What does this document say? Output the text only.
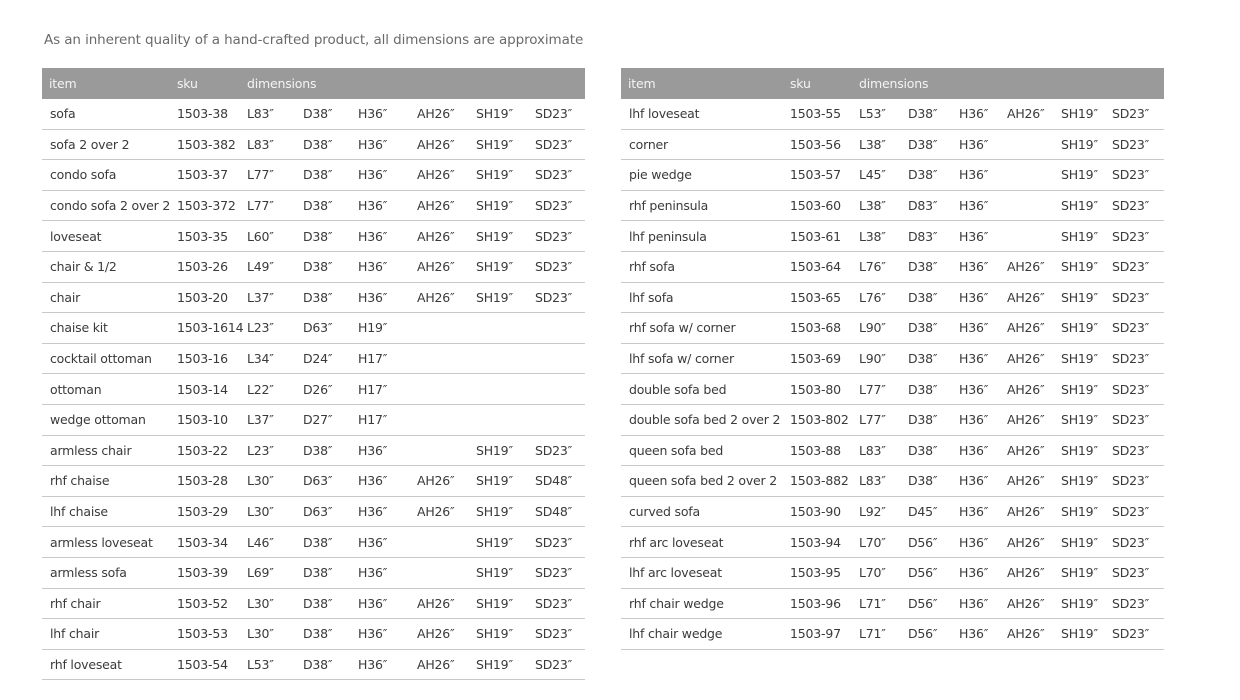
As an inherent quality of a hand-crafted product, all dimensions are approximate
item	sku	dimensions					
sofa	1503-38	L83″	D38″	H36″	AH26″	SH19″	SD23″
sofa 2 over 2	1503-382	L83″	D38″	H36″	AH26″	SH19″	SD23″
condo sofa	1503-37	L77″	D38″	H36″	AH26″	SH19″	SD23″
condo sofa 2 over 2	1503-372	L77″	D38″	H36″	AH26″	SH19″	SD23″
loveseat	1503-35	L60″	D38″	H36″	AH26″	SH19″	SD23″
chair & 1/2	1503-26	L49″	D38″	H36″	AH26″	SH19″	SD23″
chair	1503-20	L37″	D38″	H36″	AH26″	SH19″	SD23″
chaise kit	1503-1614	L23″	D63″	H19″			
cocktail ottoman	1503-16	L34″	D24″	H17″			
ottoman	1503-14	L22″	D26″	H17″			
wedge ottoman	1503-10	L37″	D27″	H17″			
armless chair	1503-22	L23″	D38″	H36″		SH19″	SD23″
rhf chaise	1503-28	L30″	D63″	H36″	AH26″	SH19″	SD48″
lhf chaise	1503-29	L30″	D63″	H36″	AH26″	SH19″	SD48″
armless loveseat	1503-34	L46″	D38″	H36″		SH19″	SD23″
armless sofa	1503-39	L69″	D38″	H36″		SH19″	SD23″
rhf chair	1503-52	L30″	D38″	H36″	AH26″	SH19″	SD23″
lhf chair	1503-53	L30″	D38″	H36″	AH26″	SH19″	SD23″
rhf loveseat	1503-54	L53″	D38″	H36″	AH26″	SH19″	SD23″
item	sku	dimensions					
lhf loveseat	1503-55	L53″	D38″	H36″	AH26″	SH19″	SD23″
corner	1503-56	L38″	D38″	H36″		SH19″	SD23″
pie wedge	1503-57	L45″	D38″	H36″		SH19″	SD23″
rhf peninsula	1503-60	L38″	D83″	H36″		SH19″	SD23″
lhf peninsula	1503-61	L38″	D83″	H36″		SH19″	SD23″
rhf sofa	1503-64	L76″	D38″	H36″	AH26″	SH19″	SD23″
lhf sofa	1503-65	L76″	D38″	H36″	AH26″	SH19″	SD23″
rhf sofa w/ corner	1503-68	L90″	D38″	H36″	AH26″	SH19″	SD23″
lhf sofa w/ corner	1503-69	L90″	D38″	H36″	AH26″	SH19″	SD23″
double sofa bed	1503-80	L77″	D38″	H36″	AH26″	SH19″	SD23″
double sofa bed 2 over 2	1503-802	L77″	D38″	H36″	AH26″	SH19″	SD23″
queen sofa bed	1503-88	L83″	D38″	H36″	AH26″	SH19″	SD23″
queen sofa bed 2 over 2	1503-882	L83″	D38″	H36″	AH26″	SH19″	SD23″
curved sofa	1503-90	L92″	D45″	H36″	AH26″	SH19″	SD23″
rhf arc loveseat	1503-94	L70″	D56″	H36″	AH26″	SH19″	SD23″
lhf arc loveseat	1503-95	L70″	D56″	H36″	AH26″	SH19″	SD23″
rhf chair wedge	1503-96	L71″	D56″	H36″	AH26″	SH19″	SD23″
lhf chair wedge	1503-97	L71″	D56″	H36″	AH26″	SH19″	SD23″
